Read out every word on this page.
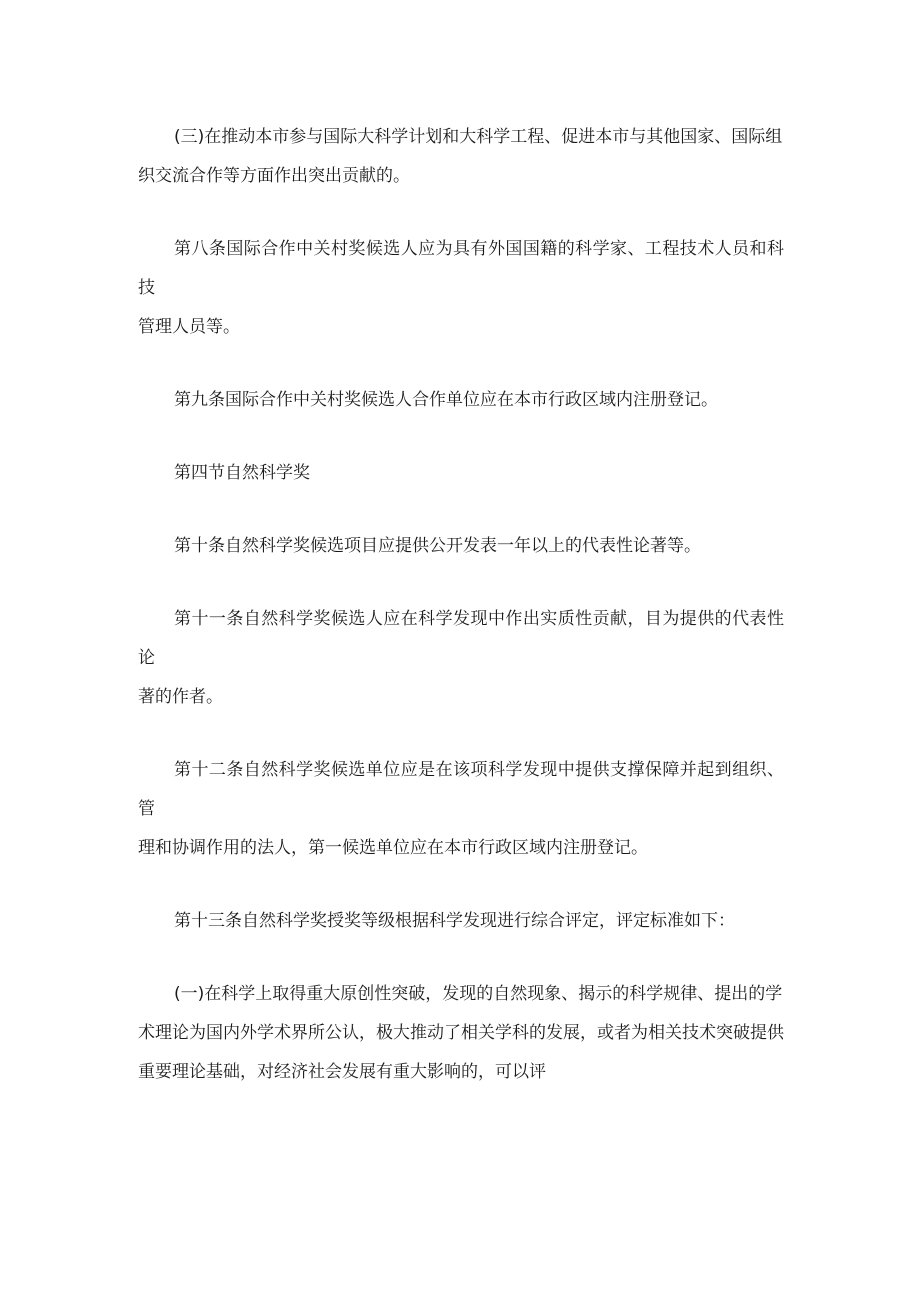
(三)在推动本市参与国际大科学计划和大科学工程、促进本市与其他国家、国际组
织交流合作等方面作出突出贡献的。

第八条国际合作中关村奖候选人应为具有外国国籍的科学家、工程技术人员和科技
管理人员等。

第九条国际合作中关村奖候选人合作单位应在本市行政区域内注册登记。

第四节自然科学奖

第十条自然科学奖候选项目应提供公开发表一年以上的代表性论著等。

第十一条自然科学奖候选人应在科学发现中作出实质性贡献，目为提供的代表性论
著的作者。

第十二条自然科学奖候选单位应是在该项科学发现中提供支撑保障并起到组织、管
理和协调作用的法人，第一候选单位应在本市行政区域内注册登记。

第十三条自然科学奖授奖等级根据科学发现进行综合评定，评定标准如下：

(一)在科学上取得重大原创性突破，发现的自然现象、揭示的科学规律、提出的学
术理论为国内外学术界所公认，极大推动了相关学科的发展，或者为相关技术突破提供
重要理论基础，对经济社会发展有重大影响的，可以评
